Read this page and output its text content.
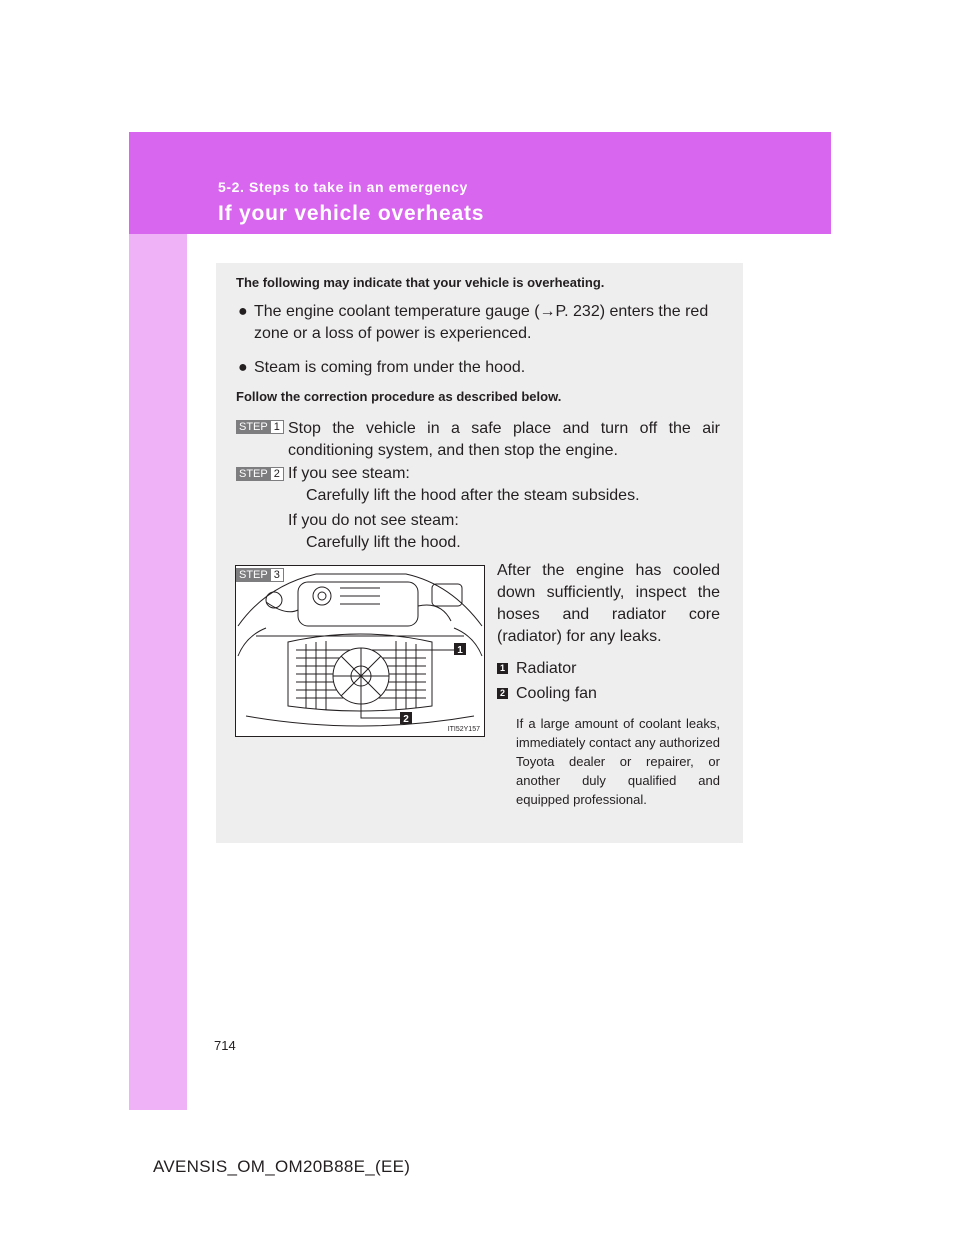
5-2. Steps to take in an emergency
If your vehicle overheats
The following may indicate that your vehicle is overheating.
● The engine coolant temperature gauge (→P. 232) enters the red zone or a loss of power is experienced.
● Steam is coming from under the hood.
Follow the correction procedure as described below.
STEP 1 Stop the vehicle in a safe place and turn off the air conditioning system, and then stop the engine.
STEP 2 If you see steam:
Carefully lift the hood after the steam subsides.
If you do not see steam:
Carefully lift the hood.
1
2
ITI52Y157
STEP 3	After the engine has cooled down sufficiently, inspect the hoses and radiator core (radiator) for any leaks.
1 Radiator
2 Cooling fan
If a large amount of coolant leaks, immediately contact any authorized Toyota dealer or repairer, or another duly qualified and equipped professional.
714
AVENSIS_OM_OM20B88E_(EE)
